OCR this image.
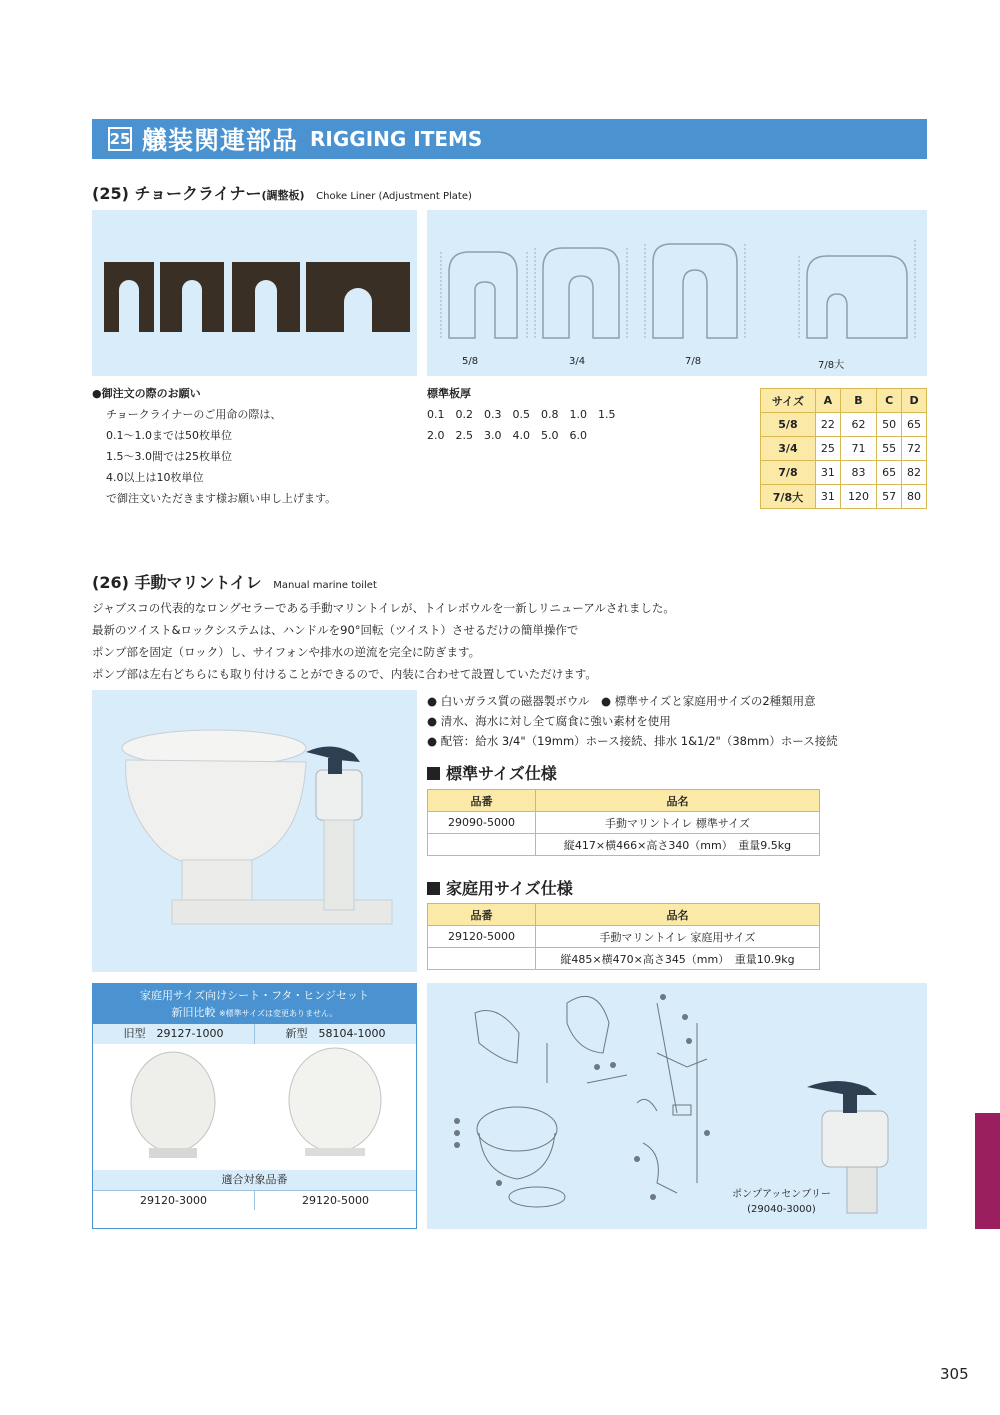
25 艤装関連部品 RIGGING ITEMS
(25) チョークライナー(調整板) Choke Liner (Adjustment Plate)
5/8	3/4	7/8	7/8大
●御注文の際のお願い
チョークライナーのご用命の際は、
0.1～1.0までは50枚単位
1.5～3.0間では25枚単位
4.0以上は10枚単位
で御注文いただきます様お願い申し上げます。
標準板厚
0.1　0.2　0.3　0.5　0.8　1.0　1.5
2.0　2.5　3.0　4.0　5.0　6.0
サイズ	A	B	C	D
5/8	22	62	50	65
3/4	25	71	55	72
7/8	31	83	65	82
7/8大	31	120	57	80
(26) 手動マリントイレ Manual marine toilet
ジャブスコの代表的なロングセラーである手動マリントイレが、トイレボウルを一新しリニューアルされました。
最新のツイスト&ロックシステムは、ハンドルを90°回転（ツイスト）させるだけの簡単操作で
ポンプ部を固定（ロック）し、サイフォンや排水の逆流を完全に防ぎます。
ポンプ部は左右どちらにも取り付けることができるので、内装に合わせて設置していただけます。
● 白いガラス質の磁器製ボウル　● 標準サイズと家庭用サイズの2種類用意
● 清水、海水に対し全て腐食に強い素材を使用
● 配管：給水 3/4"（19mm）ホース接続、排水 1&1/2"（38mm）ホース接続
標準サイズ仕様
品番	品名
29090-5000	手動マリントイレ 標準サイズ
	縦417×横466×高さ340（mm）　重量9.5kg
家庭用サイズ仕様
品番	品名
29120-5000	手動マリントイレ 家庭用サイズ
	縦485×横470×高さ345（mm）　重量10.9kg
家庭用サイズ向けシート・フタ・ヒンジセット
新旧比較 ※標準サイズは変更ありません。
旧型　29127-1000	新型　58104-1000
適合対象品番
29120-3000	29120-5000	ポンプアッセンブリー
(29040-3000)
305
